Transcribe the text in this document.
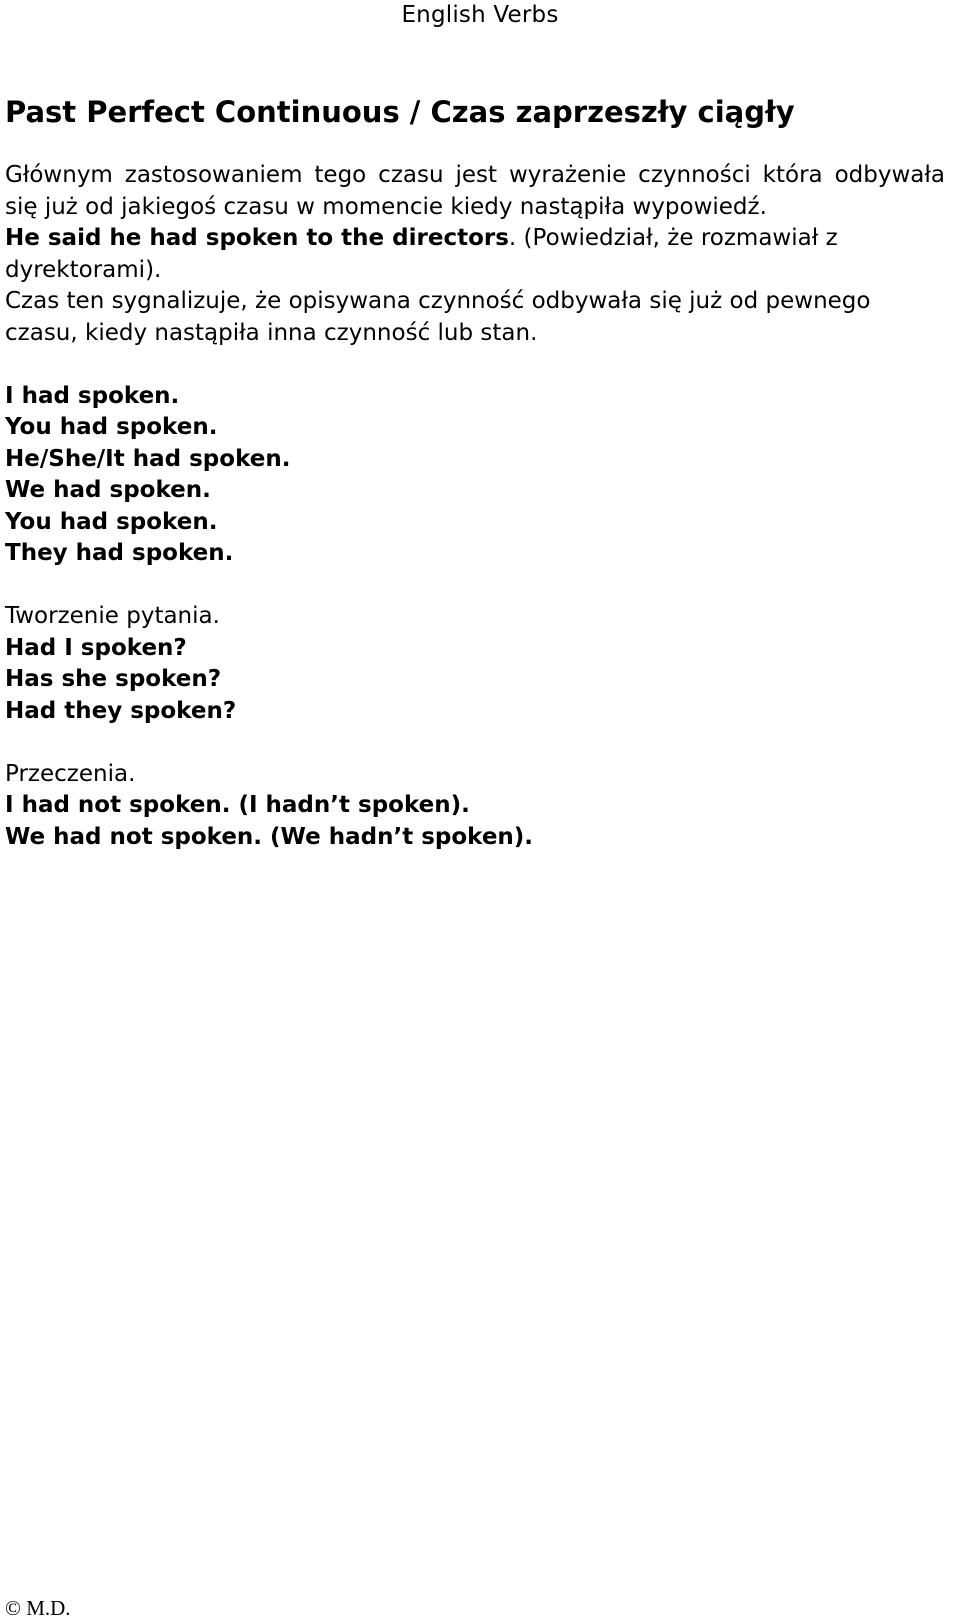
English Verbs
Past Perfect Continuous / Czas zaprzeszły ciągły

Głównym zastosowaniem tego czasu jest wyrażenie czynności która odbywała się już od jakiegoś czasu w momencie kiedy nastąpiła wypowiedź.

He said he had spoken to the directors. (Powiedział, że rozmawiał z dyrektorami).

Czas ten sygnalizuje, że opisywana czynność odbywała się już od pewnego czasu, kiedy nastąpiła inna czynność lub stan.

I had spoken.

You had spoken.

He/She/It had spoken.

We had spoken.

You had spoken.

They had spoken.

Tworzenie pytania.

Had I spoken?

Has she spoken?

Had they spoken?

Przeczenia.

I had not spoken. (I hadn’t spoken).

We had not spoken. (We hadn’t spoken).

© M.D.
